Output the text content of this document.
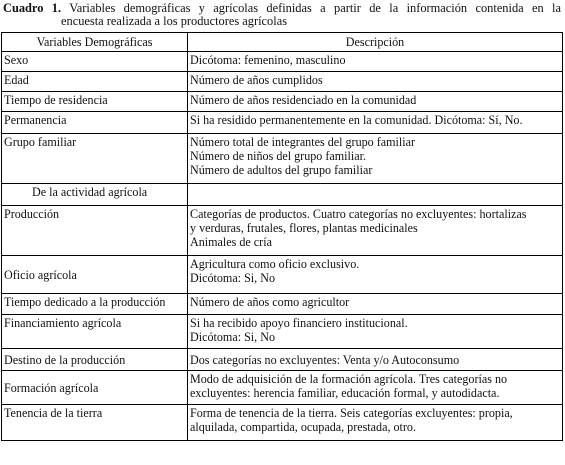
Cuadro 1. Variables demográficas y agrícolas definidas a partir de la información contenida en la
encuesta realizada a los productores agrícolas
Variables Demográficas	Descripción
Sexo	Dicótoma: femenino, masculino

Edad	Número de años cumplidos

Tiempo de residencia	Número de años residenciado en la comunidad

Permanencia	Si ha residido permanentemente en la comunidad. Dicótoma: Sí, No.

Grupo familiar	Número total de integrantes del grupo familiar
Número de niños del grupo familiar.
Número de adultos del grupo familiar

De la actividad agrícola	

Producción	Categorías de productos. Cuatro categorías no excluyentes: hortalizas
y verduras, frutales, flores, plantas medicinales
Animales de cría

Oficio agrícola	Agricultura como oficio exclusivo.
Dicótoma: Si, No

Tiempo dedicado a la producción	Número de años como agricultor

Financiamiento agrícola	Si ha recibido apoyo financiero institucional.
Dicótoma: Si, No

Destino de la producción	Dos categorías no excluyentes: Venta y/o Autoconsumo

Formación agrícola	Modo de adquisición de la formación agrícola. Tres categorías no
excluyentes: herencia familiar, educación formal, y autodidacta.

Tenencia de la tierra	Forma de tenencia de la tierra. Seis categorías excluyentes: propia,
alquilada, compartida, ocupada, prestada, otro.
